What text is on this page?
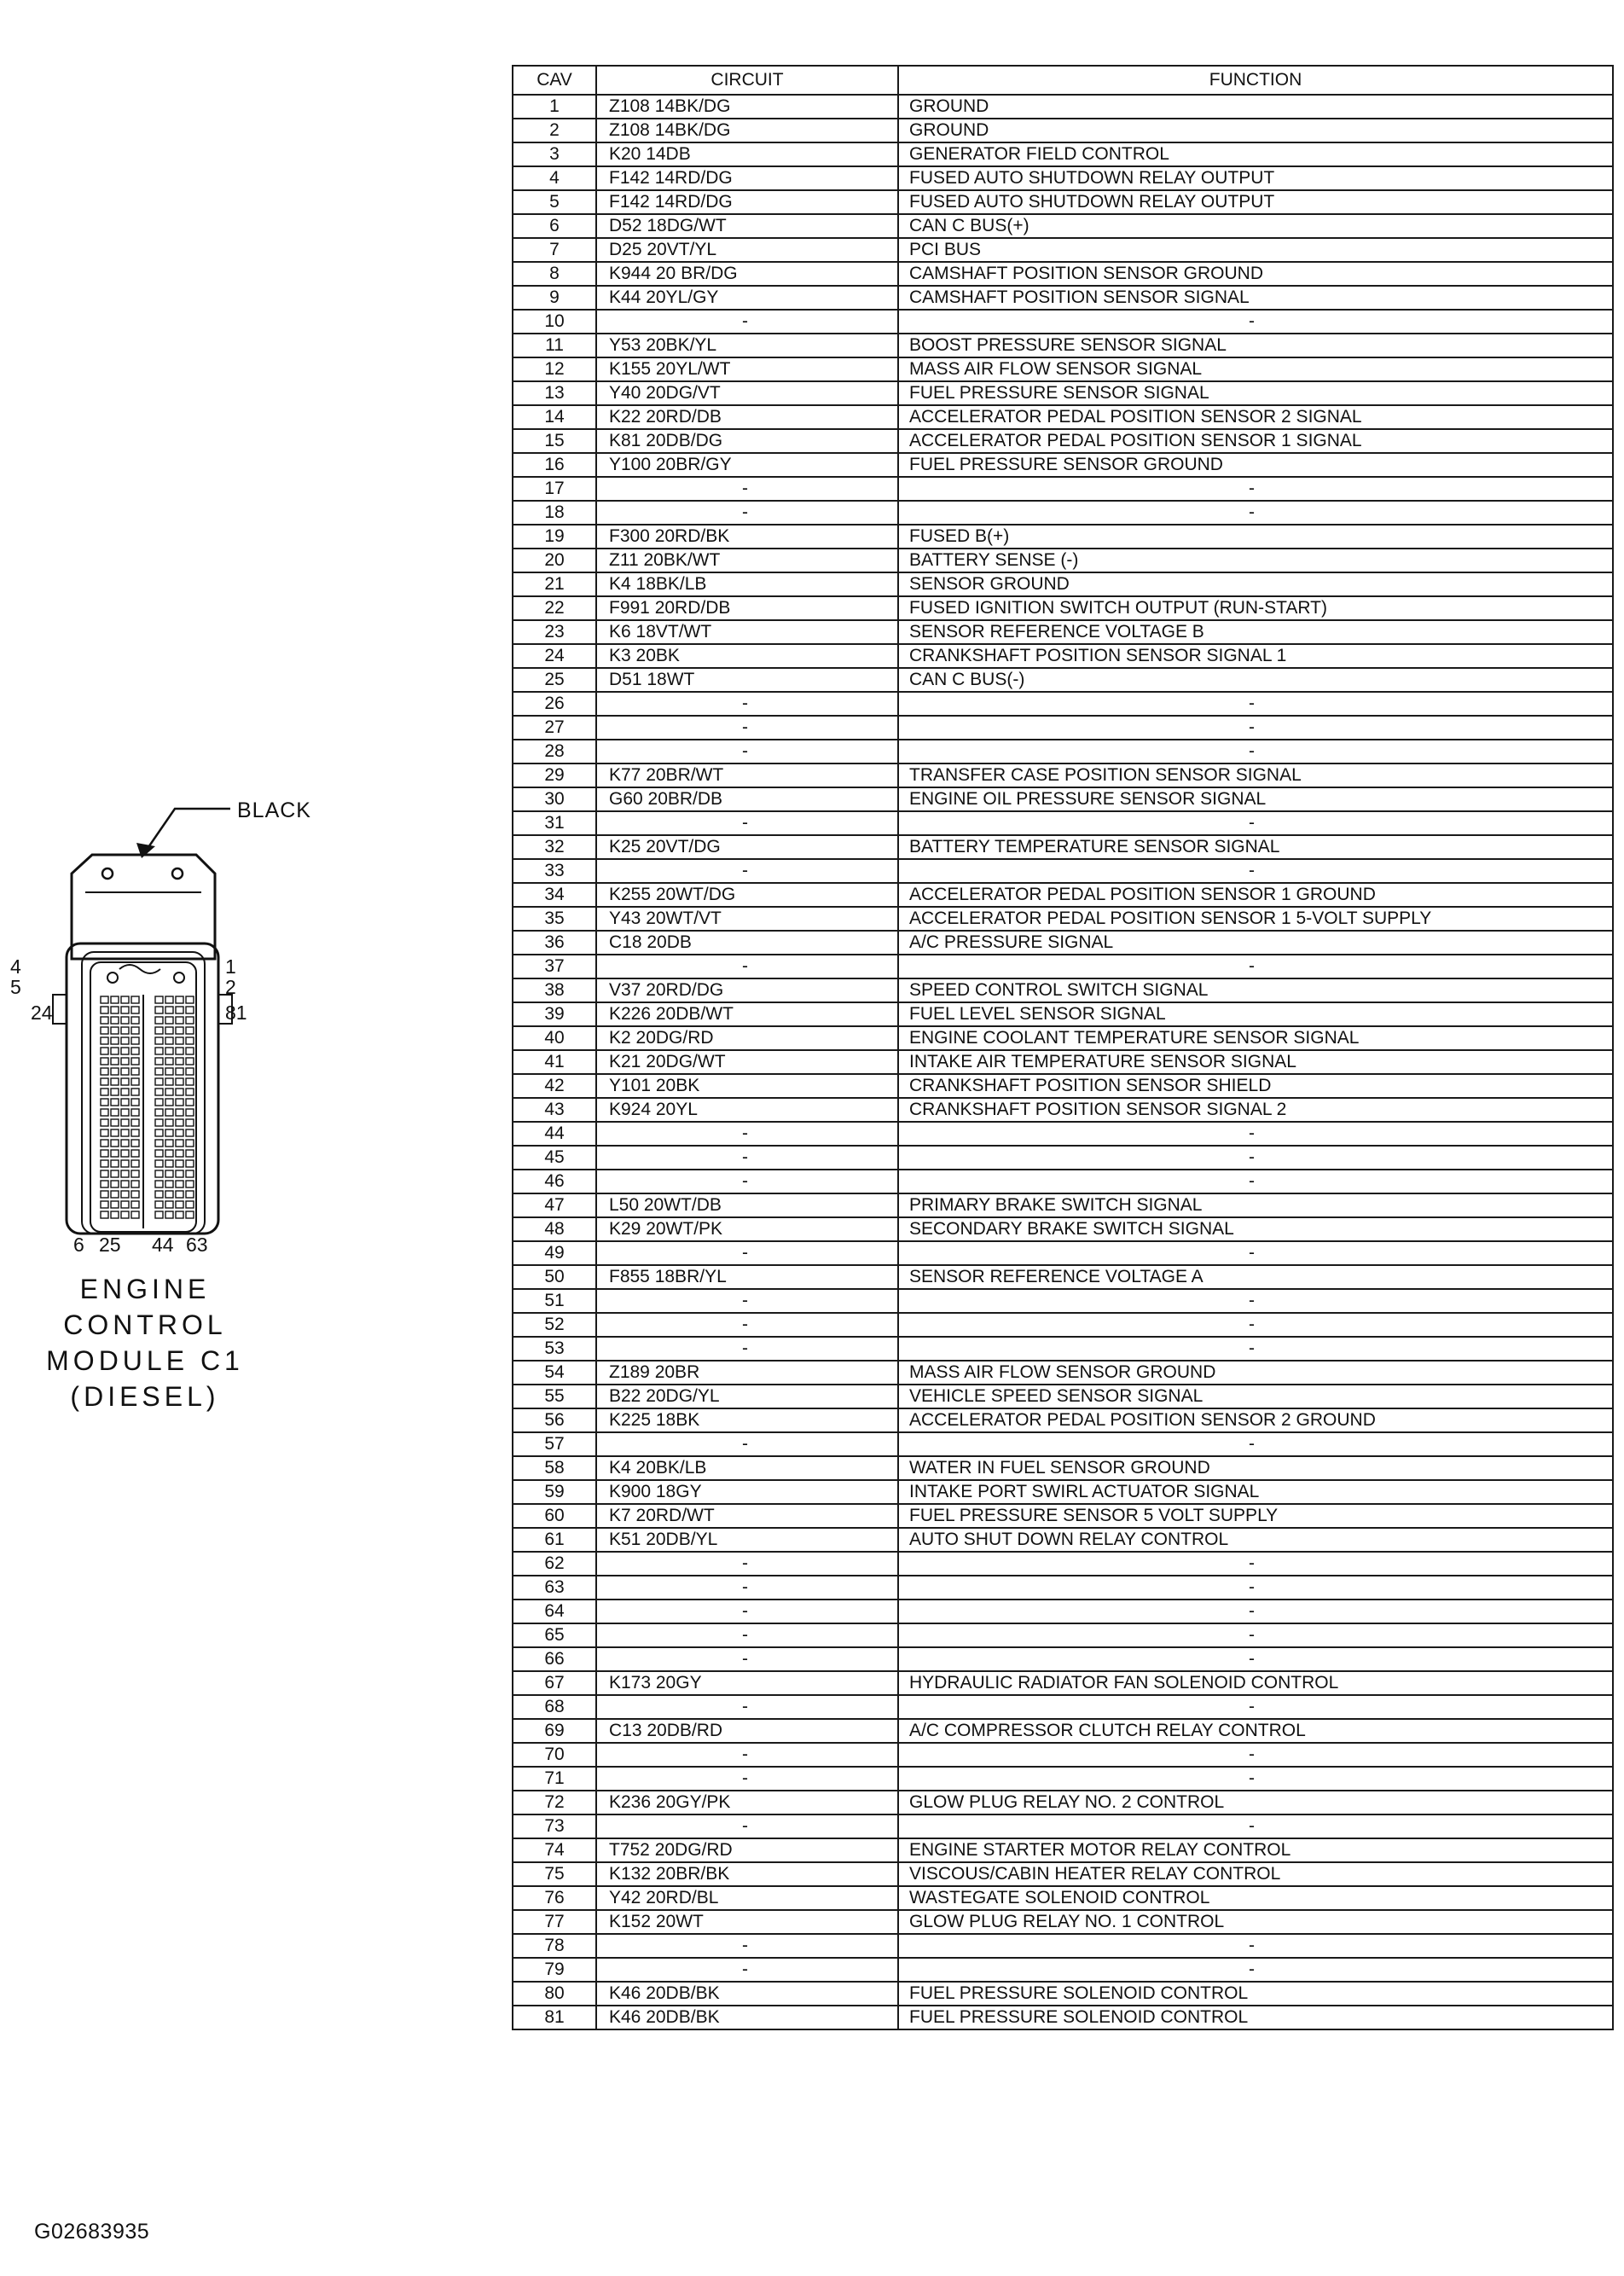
BLACK
4
5
24
1
2
81
6 25 44 63
ENGINE
CONTROL
MODULE C1
(DIESEL)
CAV	CIRCUIT	FUNCTION
1	Z108 14BK/DG	GROUND
2	Z108 14BK/DG	GROUND
3	K20 14DB	GENERATOR FIELD CONTROL
4	F142 14RD/DG	FUSED AUTO SHUTDOWN RELAY OUTPUT
5	F142 14RD/DG	FUSED AUTO SHUTDOWN RELAY OUTPUT
6	D52 18DG/WT	CAN C BUS(+)
7	D25 20VT/YL	PCI BUS
8	K944 20 BR/DG	CAMSHAFT POSITION SENSOR GROUND
9	K44 20YL/GY	CAMSHAFT POSITION SENSOR SIGNAL
10	-	-
11	Y53 20BK/YL	BOOST PRESSURE SENSOR SIGNAL
12	K155 20YL/WT	MASS AIR FLOW SENSOR SIGNAL
13	Y40 20DG/VT	FUEL PRESSURE SENSOR SIGNAL
14	K22 20RD/DB	ACCELERATOR PEDAL POSITION SENSOR 2 SIGNAL
15	K81 20DB/DG	ACCELERATOR PEDAL POSITION SENSOR 1 SIGNAL
16	Y100 20BR/GY	FUEL PRESSURE SENSOR GROUND
17	-	-
18	-	-
19	F300 20RD/BK	FUSED B(+)
20	Z11 20BK/WT	BATTERY SENSE (-)
21	K4 18BK/LB	SENSOR GROUND
22	F991 20RD/DB	FUSED IGNITION SWITCH OUTPUT (RUN-START)
23	K6 18VT/WT	SENSOR REFERENCE VOLTAGE B
24	K3 20BK	CRANKSHAFT POSITION SENSOR SIGNAL 1
25	D51 18WT	CAN C BUS(-)
26	-	-
27	-	-
28	-	-
29	K77 20BR/WT	TRANSFER CASE POSITION SENSOR SIGNAL
30	G60 20BR/DB	ENGINE OIL PRESSURE SENSOR SIGNAL
31	-	-
32	K25 20VT/DG	BATTERY TEMPERATURE SENSOR SIGNAL
33	-	-
34	K255 20WT/DG	ACCELERATOR PEDAL POSITION SENSOR 1 GROUND
35	Y43 20WT/VT	ACCELERATOR PEDAL POSITION SENSOR 1 5-VOLT SUPPLY
36	C18 20DB	A/C PRESSURE SIGNAL
37	-	-
38	V37 20RD/DG	SPEED CONTROL SWITCH SIGNAL
39	K226 20DB/WT	FUEL LEVEL SENSOR SIGNAL
40	K2 20DG/RD	ENGINE COOLANT TEMPERATURE SENSOR SIGNAL
41	K21 20DG/WT	INTAKE AIR TEMPERATURE SENSOR SIGNAL
42	Y101 20BK	CRANKSHAFT POSITION SENSOR SHIELD
43	K924 20YL	CRANKSHAFT POSITION SENSOR SIGNAL 2
44	-	-
45	-	-
46	-	-
47	L50 20WT/DB	PRIMARY BRAKE SWITCH SIGNAL
48	K29 20WT/PK	SECONDARY BRAKE SWITCH SIGNAL
49	-	-
50	F855 18BR/YL	SENSOR REFERENCE VOLTAGE A
51	-	-
52	-	-
53	-	-
54	Z189 20BR	MASS AIR FLOW SENSOR GROUND
55	B22 20DG/YL	VEHICLE SPEED SENSOR SIGNAL
56	K225 18BK	ACCELERATOR PEDAL POSITION SENSOR 2 GROUND
57	-	-
58	K4 20BK/LB	WATER IN FUEL SENSOR GROUND
59	K900 18GY	INTAKE PORT SWIRL ACTUATOR SIGNAL
60	K7 20RD/WT	FUEL PRESSURE SENSOR 5 VOLT SUPPLY
61	K51 20DB/YL	AUTO SHUT DOWN RELAY CONTROL
62	-	-
63	-	-
64	-	-
65	-	-
66	-	-
67	K173 20GY	HYDRAULIC RADIATOR FAN SOLENOID CONTROL
68	-	-
69	C13 20DB/RD	A/C COMPRESSOR CLUTCH RELAY CONTROL
70	-	-
71	-	-
72	K236 20GY/PK	GLOW PLUG RELAY NO. 2 CONTROL
73	-	-
74	T752 20DG/RD	ENGINE STARTER MOTOR RELAY CONTROL
75	K132 20BR/BK	VISCOUS/CABIN HEATER RELAY CONTROL
76	Y42 20RD/BL	WASTEGATE SOLENOID CONTROL
77	K152 20WT	GLOW PLUG RELAY NO. 1 CONTROL
78	-	-
79	-	-
80	K46 20DB/BK	FUEL PRESSURE SOLENOID CONTROL
81	K46 20DB/BK	FUEL PRESSURE SOLENOID CONTROL
G02683935
